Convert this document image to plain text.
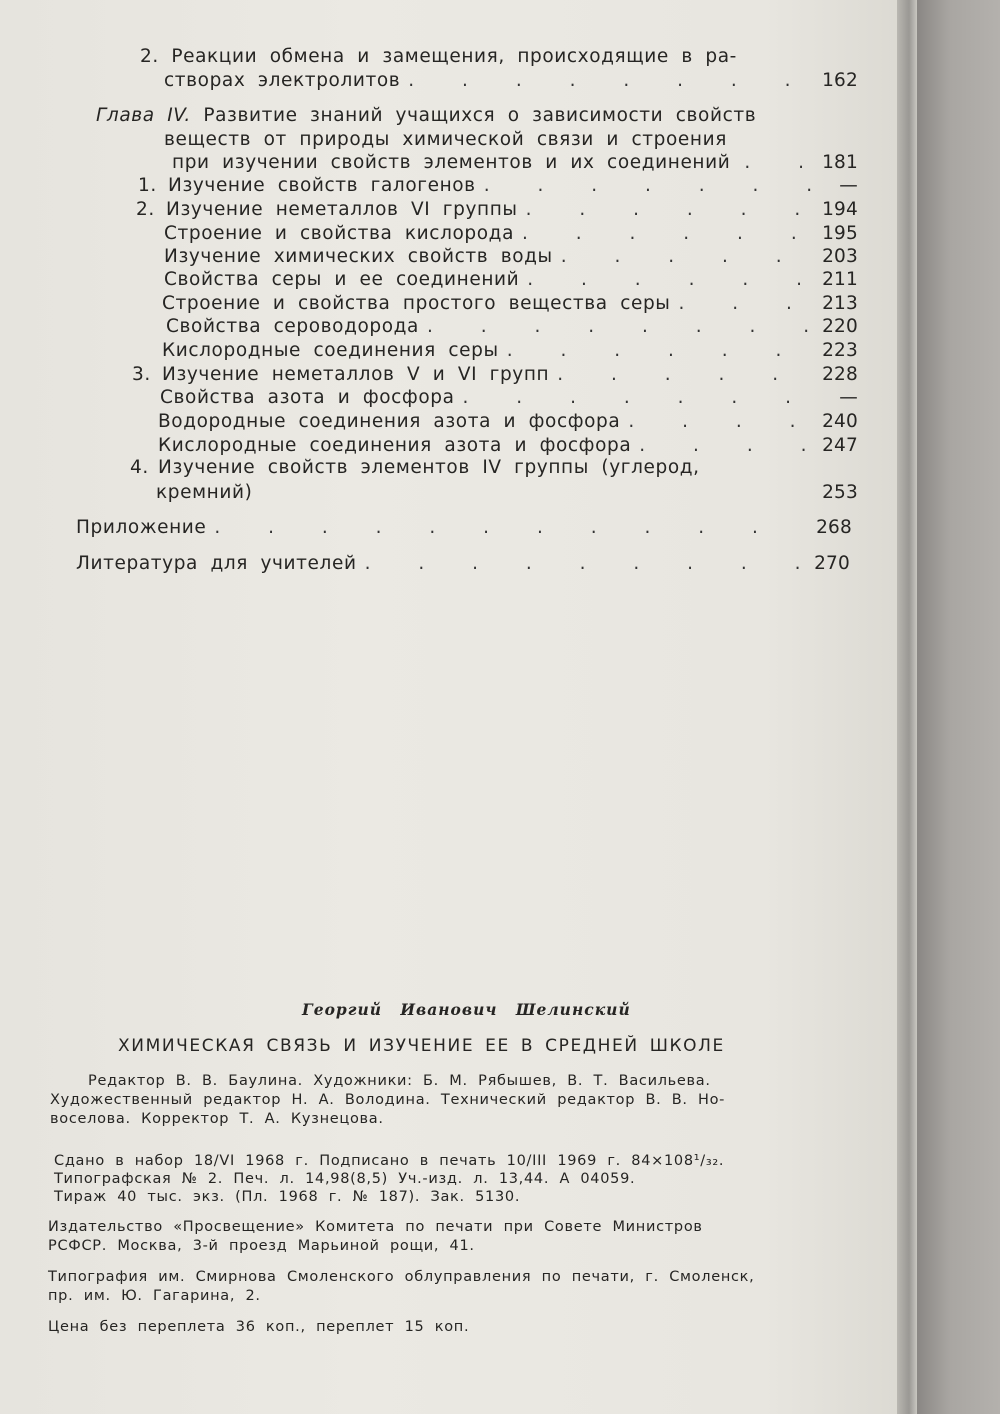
2. Реакции обмена и замещения, происходящие в ра-
створах электролитов . . .	162
Глава IV. Развитие знаний учащихся о зависимости свойств
веществ от природы химической связи и строения
при изучении свойств элементов и их соединений . . .	181
1. Изучение свойств галогенов . . .	—
2. Изучение неметаллов VI группы . . .	194
Строение и свойства кислорода . . .	195
Изучение химических свойств воды . . .	203
Свойства серы и ее соединений . . .	211
Строение и свойства простого вещества серы . . .	213
Свойства сероводорода . . .	220
Кислородные соединения серы . . .	223
3. Изучение неметаллов V и VI групп . . .	228
Свойства азота и фосфора . . .	—
Водородные соединения азота и фосфора . . .	240
Кислородные соединения азота и фосфора . . .	247
4. Изучение свойств элементов IV группы (углерод,
кремний)	253
Приложение . . .	268
Литература для учителей . . .	270
Георгий Иванович Шелинский
ХИМИЧЕСКАЯ СВЯЗЬ И ИЗУЧЕНИЕ ЕЕ В СРЕДНЕЙ ШКОЛЕ
Редактор В. В. Баулина. Художники: Б. М. Рябышев, В. Т. Васильева.
Художественный редактор Н. А. Володина. Технический редактор В. В. Но-
воселова. Корректор Т. А. Кузнецова.
Сдано в набор 18/VI 1968 г. Подписано в печать 10/III 1969 г. 84×108¹/₃₂.
Типографская № 2. Печ. л. 14,98(8,5) Уч.-изд. л. 13,44. А 04059.
Тираж 40 тыс. экз. (Пл. 1968 г. № 187). Зак. 5130.
Издательство «Просвещение» Комитета по печати при Совете Министров
РСФСР. Москва, 3-й проезд Марьиной рощи, 41.
Типография им. Смирнова Смоленского облуправления по печати, г. Смоленск,
пр. им. Ю. Гагарина, 2.
Цена без переплета 36 коп., переплет 15 коп.
